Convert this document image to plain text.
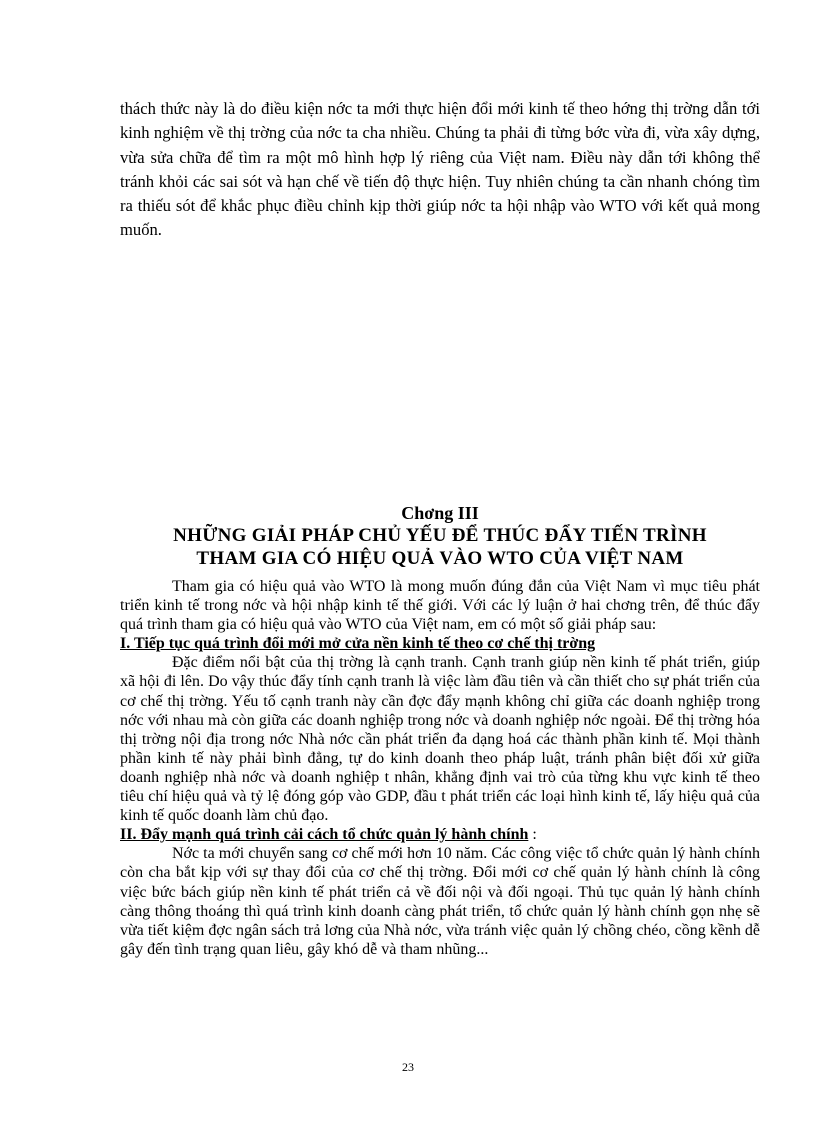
thách thức này là do điều kiện nớc ta mới thực hiện đổi mới kinh tế theo hớng thị trờng dẫn tới kinh nghiệm về thị trờng của nớc ta cha nhiều. Chúng ta phải đi từng bớc vừa đi, vừa xây dựng, vừa sửa chữa để tìm ra một mô hình hợp lý riêng của Việt nam. Điều này dẫn tới không thể tránh khỏi các sai sót và hạn chế về tiến độ thực hiện. Tuy nhiên chúng ta cần nhanh chóng tìm ra thiếu sót để khắc phục điều chỉnh kịp thời giúp nớc ta hội nhập vào WTO với kết quả mong muốn.

Chơng III

NHỮNG GIẢI PHÁP CHỦ YẾU ĐỂ THÚC ĐẨY TIẾN TRÌNH
THAM GIA CÓ HIỆU QUẢ VÀO WTO CỦA VIỆT NAM

Tham gia có hiệu quả vào WTO là mong muốn đúng đắn của Việt Nam vì mục tiêu phát triển kinh tế trong nớc và hội nhập kinh tế thế giới. Với các lý luận ở hai chơng trên, để thúc đẩy quá trình tham gia có hiệu quả vào WTO của Việt nam, em có một số giải pháp sau:

I. Tiếp tục quá trình đổi mới mở cửa nền kinh tế theo cơ chế thị trờng

Đặc điểm nổi bật của thị trờng là cạnh tranh. Cạnh tranh giúp nền kinh tế phát triển, giúp xã hội đi lên. Do vậy thúc đẩy tính cạnh tranh là việc làm đầu tiên và cần thiết cho sự phát triển của cơ chế thị trờng. Yếu tố cạnh tranh này cần đợc đẩy mạnh không chỉ giữa các doanh nghiệp trong nớc với nhau mà còn giữa các doanh nghiệp trong nớc và doanh nghiệp nớc ngoài. Để thị trờng hóa thị trờng nội địa trong nớc Nhà nớc cần phát triển đa dạng hoá các thành phần kinh tế. Mọi thành phần kinh tế này phải bình đẳng, tự do kinh doanh theo pháp luật, tránh phân biệt đối xử giữa doanh nghiệp nhà nớc và doanh nghiệp t nhân, khẳng định vai trò của từng khu vực kinh tế theo tiêu chí hiệu quả và tỷ lệ đóng góp vào GDP, đầu t phát triển các loại hình kinh tế, lấy hiệu quả của kinh tế quốc doanh làm chủ đạo.

II. Đẩy mạnh quá trình cải cách tổ chức quản lý hành chính :

Nớc ta mới chuyển sang cơ chế mới hơn 10 năm. Các công việc tổ chức quản lý hành chính còn cha bắt kịp với sự thay đổi của cơ chế thị trờng. Đổi mới cơ chế quản lý hành chính là công việc bức bách giúp nền kinh tế phát triển cả về đối nội và đối ngoại. Thủ tục quản lý hành chính càng thông thoáng thì quá trình kinh doanh càng phát triển, tổ chức quản lý hành chính gọn nhẹ sẽ vừa tiết kiệm đợc ngân sách trả lơng của Nhà nớc, vừa tránh việc quản lý chồng chéo, cồng kềnh dễ gây đến tình trạng quan liêu, gây khó dễ và tham nhũng...

23
